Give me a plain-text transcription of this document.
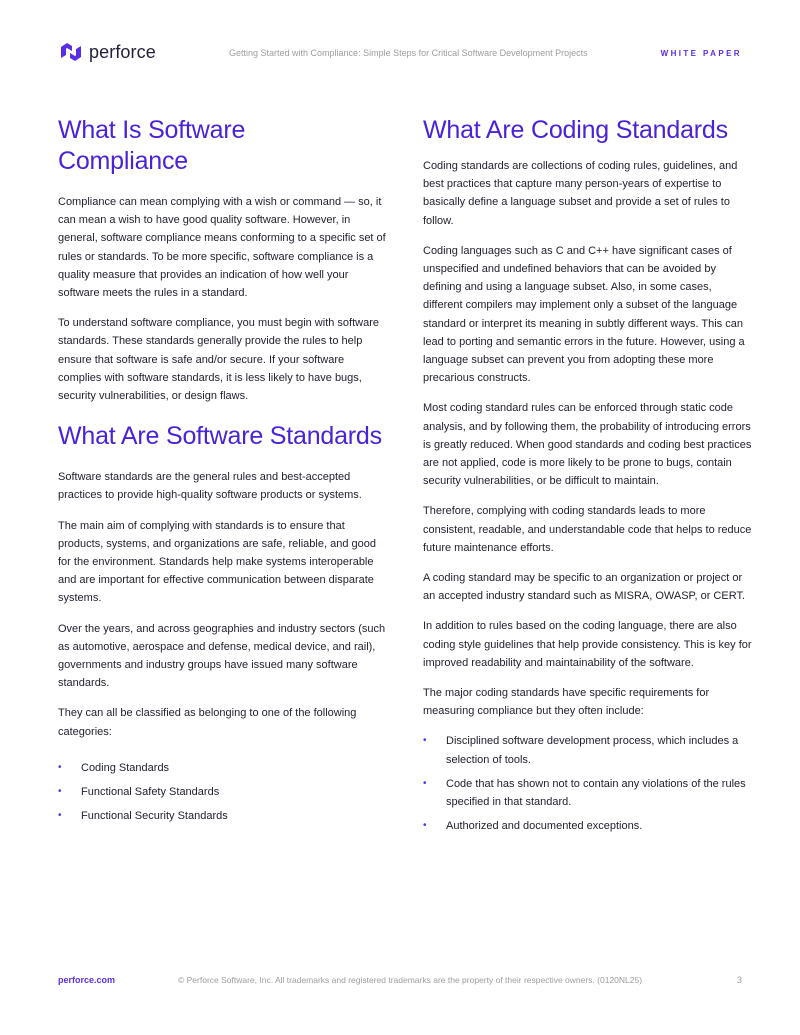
perforce	Getting Started with Compliance: Simple Steps for Critical Software Development Projects	WHITE PAPER
What Is Software Compliance

Compliance can mean complying with a wish or command — so, it can mean a wish to have good quality software. However, in general, software compliance means conforming to a specific set of rules or standards. To be more specific, software compliance is a quality measure that provides an indication of how well your software meets the rules in a standard.

To understand software compliance, you must begin with software standards. These standards generally provide the rules to help ensure that software is safe and/or secure. If your software complies with software standards, it is less likely to have bugs, security vulnerabilities, or design flaws.

What Are Software Standards

Software standards are the general rules and best-accepted practices to provide high-quality software products or systems.

The main aim of complying with standards is to ensure that products, systems, and organizations are safe, reliable, and good for the environment. Standards help make systems interoperable and are important for effective communication between disparate systems.

Over the years, and across geographies and industry sectors (such as automotive, aerospace and defense, medical device, and rail), governments and industry groups have issued many software standards.

They can all be classified as belonging to one of the following categories:

• Coding Standards
• Functional Safety Standards
• Functional Security Standards
What Are Coding Standards

Coding standards are collections of coding rules, guidelines, and best practices that capture many person-years of expertise to basically define a language subset and provide a set of rules to follow.

Coding languages such as C and C++ have significant cases of unspecified and undefined behaviors that can be avoided by defining and using a language subset. Also, in some cases, different compilers may implement only a subset of the language standard or interpret its meaning in subtly different ways. This can lead to porting and semantic errors in the future. However, using a language subset can prevent you from adopting these more precarious constructs.

Most coding standard rules can be enforced through static code analysis, and by following them, the probability of introducing errors is greatly reduced. When good standards and coding best practices are not applied, code is more likely to be prone to bugs, contain security vulnerabilities, or be difficult to maintain.

Therefore, complying with coding standards leads to more consistent, readable, and understandable code that helps to reduce future maintenance efforts.

A coding standard may be specific to an organization or project or an accepted industry standard such as MISRA, OWASP, or CERT.

In addition to rules based on the coding language, there are also coding style guidelines that help provide consistency. This is key for improved readability and maintainability of the software.

The major coding standards have specific requirements for measuring compliance but they often include:

• Disciplined software development process, which includes a selection of tools.
• Code that has shown not to contain any violations of the rules specified in that standard.
• Authorized and documented exceptions.
perforce.com	© Perforce Software, Inc. All trademarks and registered trademarks are the property of their respective owners. (0120NL25)	3
